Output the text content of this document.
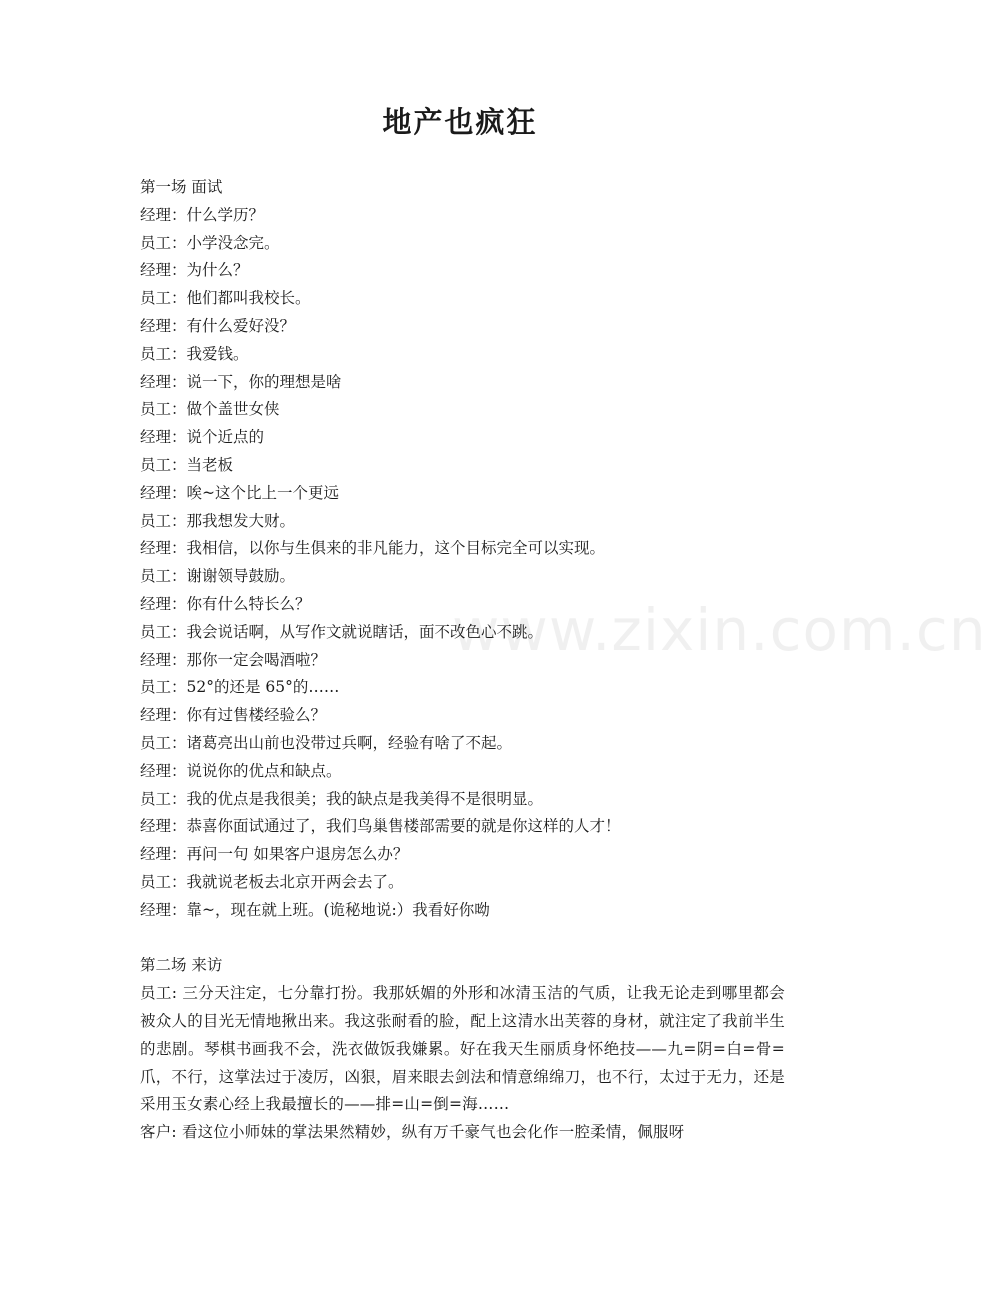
www.zixin.com.cn
地产也疯狂
第一场 面试
经理：什么学历？
员工：小学没念完。
经理：为什么？
员工：他们都叫我校长。
经理：有什么爱好没？
员工：我爱钱。
经理：说一下，你的理想是啥
员工：做个盖世女侠
经理：说个近点的
员工：当老板
经理：唉~这个比上一个更远
员工：那我想发大财。
经理：我相信，以你与生俱来的非凡能力，这个目标完全可以实现。
员工：谢谢领导鼓励。
经理：你有什么特长么？
员工：我会说话啊，从写作文就说瞎话，面不改色心不跳。
经理：那你一定会喝酒啦？
员工：52°的还是 65°的……
经理：你有过售楼经验么？
员工：诸葛亮出山前也没带过兵啊，经验有啥了不起。
经理：说说你的优点和缺点。
员工：我的优点是我很美；我的缺点是我美得不是很明显。
经理：恭喜你面试通过了，我们鸟巢售楼部需要的就是你这样的人才！
经理：再问一句 如果客户退房怎么办？
员工：我就说老板去北京开两会去了。
经理：靠~，现在就上班。(诡秘地说:）我看好你呦
第二场 来访

员工: 三分天注定，七分靠打扮。我那妖媚的外形和冰清玉洁的气质，让我无论走到哪里都会被众人的目光无情地揪出来。我这张耐看的脸，配上这清水出芙蓉的身材，就注定了我前半生的悲剧。琴棋书画我不会，洗衣做饭我嫌累。好在我天生丽质身怀绝技——九=阴=白=骨=爪，不行，这掌法过于凌厉，凶狠，眉来眼去剑法和情意绵绵刀，也不行，太过于无力，还是采用玉女素心经上我最擅长的——排=山=倒=海……

客户: 看这位小师妹的掌法果然精妙，纵有万千豪气也会化作一腔柔情，佩服呀
